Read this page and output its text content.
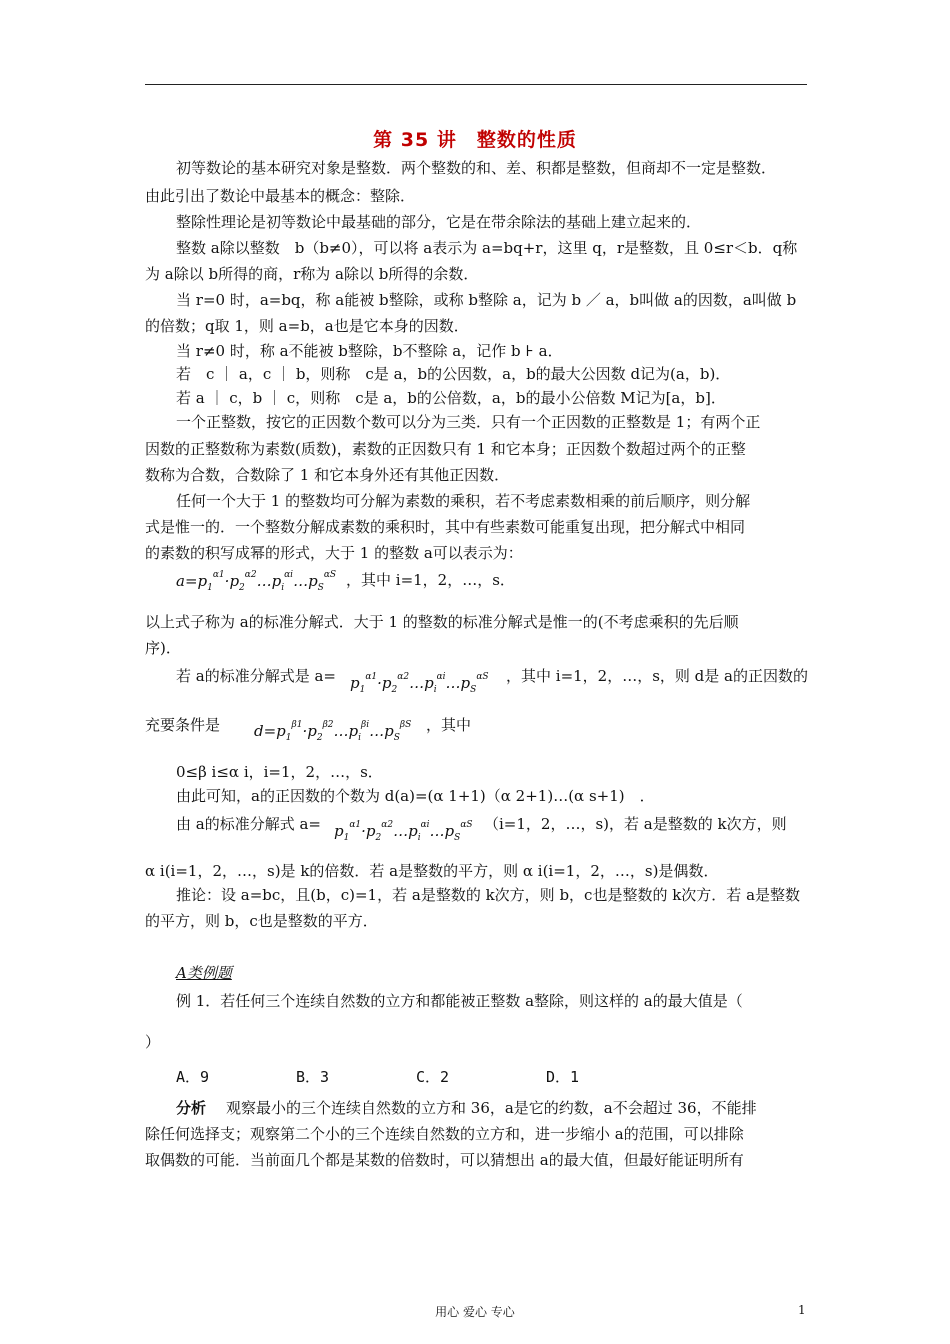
第 35 讲　整数的性质
初等数论的基本研究对象是整数．两个整数的和、差、积都是整数，但商却不一定是整数．
由此引出了数论中最基本的概念：整除．
整除性理论是初等数论中最基础的部分，它是在带余除法的基础上建立起来的．
整数 a除以整数　b（b≠0），可以将 a表示为 a=bq+r，这里 q，r是整数，且 0≤r＜b．q称
为 a除以 b所得的商，r称为 a除以 b所得的余数．
当 r=0 时，a=bq，称 a能被 b整除，或称 b整除 a，记为 b ／ a，b叫做 a的因数，a叫做 b
的倍数；q取 1，则 a=b，a也是它本身的因数．
当 r≠0 时，称 a不能被 b整除，b不整除 a，记作 b ⊦ a．
若　c ｜ a，c ｜ b，则称　c是 a，b的公因数，a，b的最大公因数 d记为(a，b)．
若 a ｜ c，b ｜ c，则称　c是 a，b的公倍数，a，b的最小公倍数 M记为[a，b]．
一个正整数，按它的正因数个数可以分为三类．只有一个正因数的正整数是 1；有两个正
因数的正整数称为素数(质数)，素数的正因数只有 1 和它本身；正因数个数超过两个的正整
数称为合数，合数除了 1 和它本身外还有其他正因数．
任何一个大于 1 的整数均可分解为素数的乘积，若不考虑素数相乘的前后顺序，则分解
式是惟一的．一个整数分解成素数的乘积时，其中有些素数可能重复出现，把分解式中相同
的素数的积写成幂的形式，大于 1 的整数 a可以表示为：
$a=p_1^{\alpha 1}\cdot p_2^{\alpha 2}\dots p_i^{\alpha i}\dots p_S^{\alpha S}$ ，其中 i=1，2，…，s．
以上式子称为 a的标准分解式．大于 1 的整数的标准分解式是惟一的(不考虑乘积的先后顺
序)．
若 a的标准分解式是 $a= p_1^{\alpha 1}\cdot p_2^{\alpha 2}\dots p_i^{\alpha i}\dots p_S^{\alpha S}$ ，其中 i=1，2，…，s，则 d是 a的正因数的
充要条件是 $d=p_1^{\beta 1}\cdot p_2^{\beta 2}\dots p_i^{\beta i}\dots p_S^{\beta S}$ ，其中
0≤β i≤α i，i=1，2，…，s．
由此可知，a的正因数的个数为 d(a)=(α 1+1)（α 2+1)…(α s+1)　．
由 a的标准分解式 $a= p_1^{\alpha 1}\cdot p_2^{\alpha 2}\dots p_i^{\alpha i}\dots p_S^{\alpha S}$ （i=1，2，…，s)，若 a是整数的 k次方，则
α i(i=1，2，…，s)是 k的倍数．若 a是整数的平方，则 α i(i=1，2，…，s)是偶数．
推论：设 a=bc，且(b，c)=1，若 a是整数的 k次方，则 b，c也是整数的 k次方．若 a是整数
的平方，则 b，c也是整数的平方．
A类例题
例 1．若任何三个连续自然数的立方和都能被正整数 a整除，则这样的 a的最大值是（
）
A．9	B．3	C．2	D．1
分析 观察最小的三个连续自然数的立方和 36，a是它的约数，a不会超过 36，不能排
除任何选择支；观察第二个小的三个连续自然数的立方和，进一步缩小 a的范围，可以排除
取偶数的可能．当前面几个都是某数的倍数时，可以猜想出 a的最大值，但最好能证明所有
用心 爱心 专心	1
